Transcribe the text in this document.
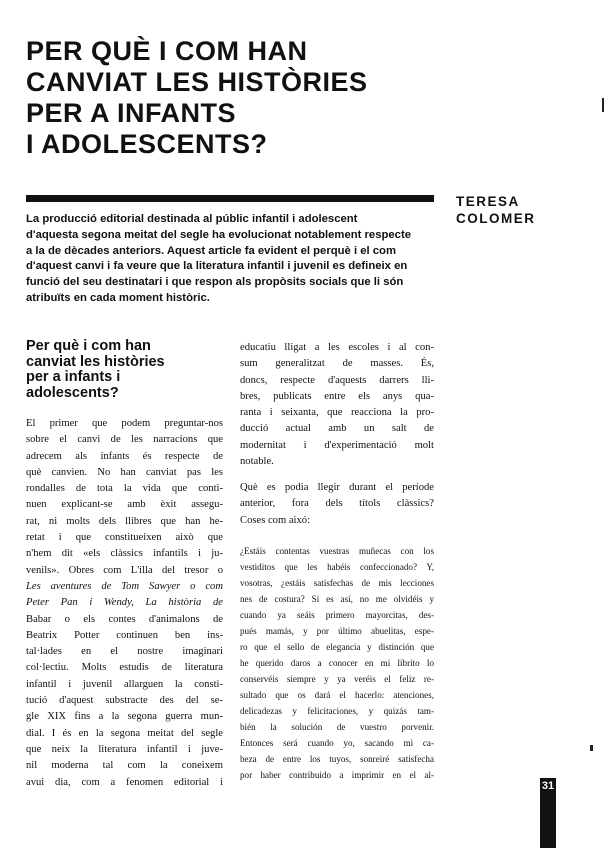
PER QUÈ I COM HAN
CANVIAT LES HISTÒRIES
PER A INFANTS
I ADOLESCENTS?
TERESA
COLOMER
La producció editorial destinada al públic infantil i adolescent
d'aquesta segona meitat del segle ha evolucionat notablement respecte
a la de dècades anteriors. Aquest article fa evident el perquè i el com
d'aquest canvi i fa veure que la literatura infantil i juvenil es defineix en
funció del seu destinatari i que respon als propòsits socials que li són
atribuïts en cada moment històric.
Per què i com han
canviat les històries
per a infants i
adolescents?
El primer que podem preguntar-nos
sobre el canvi de les narracions que
adrecem als infants és respecte de
què canvien. No han canviat pas les
rondalles de tota la vida que conti-
nuen explicant-se amb èxit assegu-
rat, ni molts dels llibres que han he-
retat i que constitueixen això que
n'hem dit «els clàssics infantils i ju-
venils». Obres com L'illa del tresor o
Les aventures de Tom Sawyer o com
Peter Pan i Wendy, La història de
Babar o els contes d'animalons de
Beatrix Potter continuen ben ins-
tal·lades en el nostre imaginari
col·lectiu. Molts estudis de literatura
infantil i juvenil allarguen la consti-
tució d'aquest substracte des del se-
gle XIX fins a la segona guerra mun-
dial. I és en la segona meitat del segle
que neix la literatura infantil i juve-
nil moderna tal com la coneixem
avui dia, com a fenomen editorial i
educatiu lligat a les escoles i al con-
sum generalitzat de masses. És,
doncs, respecte d'aquests darrers lli-
bres, publicats entre els anys qua-
ranta i seixanta, que reacciona la pro-
ducció actual amb un salt de
modernitat i d'experimentació molt
notable.
Què es podia llegir durant el període
anterior, fora dels títols clàssics?
Coses com aixó:
¿Estáis contentas vuestras muñecas con los
vestiditos que les habéis confeccionado? Y,
vosotras, ¿estáis satisfechas de mis lecciones
nes de costura? Si es así, no me olvidéis y
cuando ya seáis primero mayorcitas, des-
pués mamás, y por último abuelitas, espe-
ro que el sello de elegancia y distinción que
he querido daros a conocer en mi librito lo
conservéis siempre y ya veréis el feliz re-
sultado que os dará el hacerlo: atenciones,
delicadezas y felicitaciones, y quizás tam-
bién la solución de vuestro porvenir.
Entonces será cuando yo, sacando mi ca-
beza de entre los tuyos, sonreiré satisfecha
por haber contribuido a imprimir en el al-
31
